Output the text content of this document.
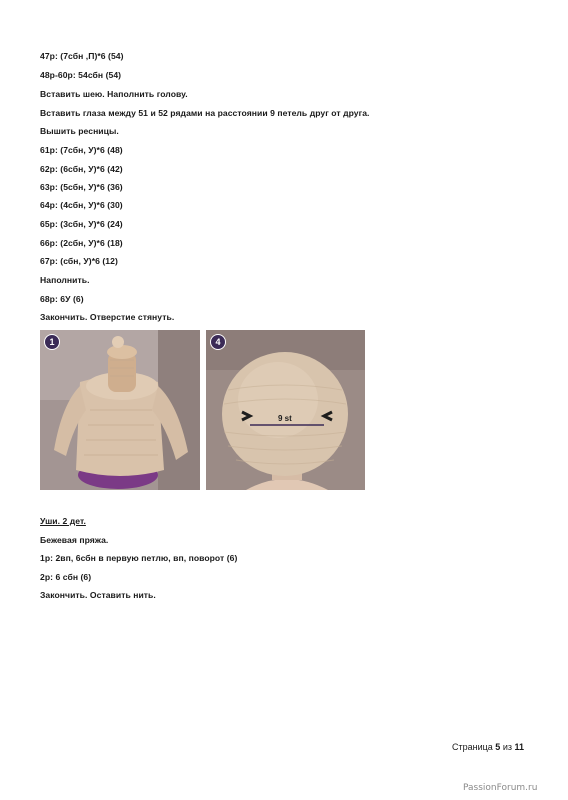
47р: (7сбн ,П)*6 (54)
48р-60р: 54сбн (54)
Вставить шею. Наполнить голову.
Вставить глаза между 51 и 52 рядами на расстоянии 9 петель друг от друга.
Вышить ресницы.
61р: (7сбн, У)*6 (48)
62р: (6сбн, У)*6 (42)
63р: (5сбн, У)*6 (36)
64р: (4сбн, У)*6 (30)
65р: (3сбн, У)*6 (24)
66р: (2сбн, У)*6 (18)
67р: (сбн, У)*6 (12)
Наполнить.
68р: 6У (6)
Закончить. Отверстие стянуть.
1	4
9 st
Уши. 2 дет.
Бежевая пряжа.
1р: 2вп, 6сбн в первую петлю, вп, поворот (6)
2р: 6 сбн (6)
Закончить. Оставить нить.
Страница 5 из 11
PassionForum.ru
